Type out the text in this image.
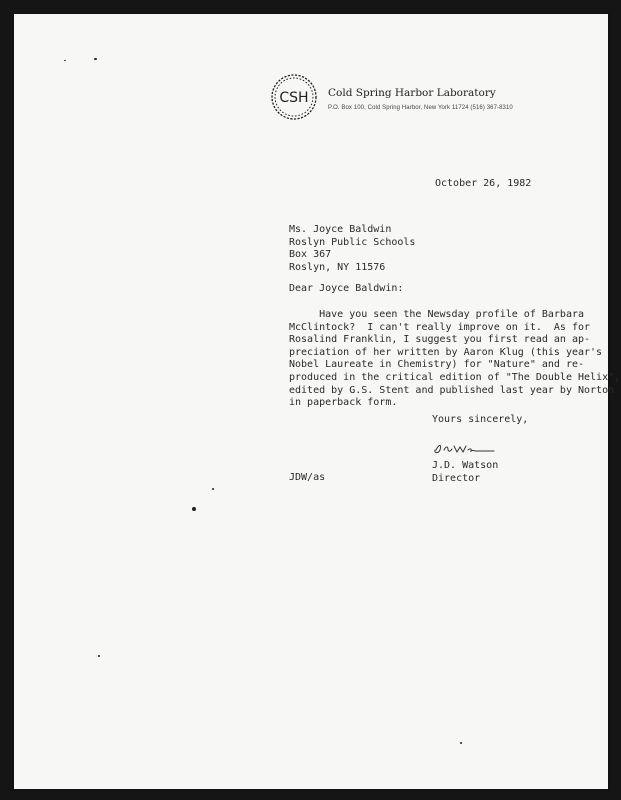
CSH Cold Spring Harbor Laboratory
P.O. Box 100, Cold Spring Harbor, New York 11724 (516) 367-8310
October 26, 1982
Ms. Joyce Baldwin
Roslyn Public Schools
Box 367
Roslyn, NY 11576
Dear Joyce Baldwin:
Have you seen the Newsday profile of Barbara
McClintock?  I can't really improve on it.  As for
Rosalind Franklin, I suggest you first read an ap-
preciation of her written by Aaron Klug (this year's
Nobel Laureate in Chemistry) for "Nature" and re-
produced in the critical edition of "The Double Helix",
edited by G.S. Stent and published last year by Norton
in paperback form.
Yours sincerely,
J.D. Watson
Director
JDW/as
